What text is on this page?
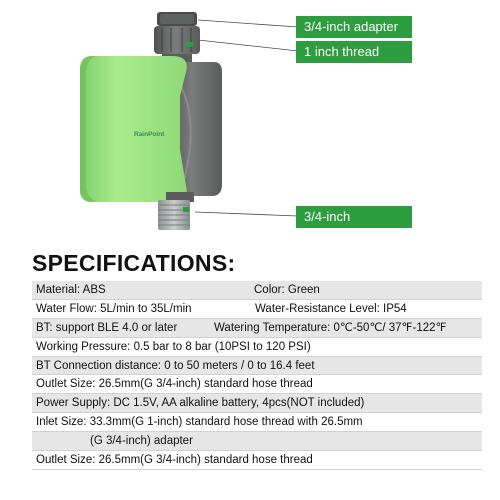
RainPoint
3/4-inch adapter
1 inch thread
3/4-inch
SPECIFICATIONS:
Material: ABS	Color: Green
Water Flow: 5L/min to 35L/min	Water-Resistance Level: IP54
BT: support BLE 4.0 or later	Watering Temperature: 0℃-50℃/ 37℉-122℉
Working Pressure: 0.5 bar to 8 bar (10PSI to 120 PSI)
BT Connection distance: 0 to 50 meters / 0 to 16.4 feet
Outlet Size: 26.5mm(G 3/4-inch) standard hose thread
Power Supply: DC 1.5V, AA alkaline battery, 4pcs(NOT included)
Inlet Size: 33.3mm(G 1-inch) standard hose thread with 26.5mm
(G 3/4-inch) adapter
Outlet Size: 26.5mm(G 3/4-inch) standard hose thread
